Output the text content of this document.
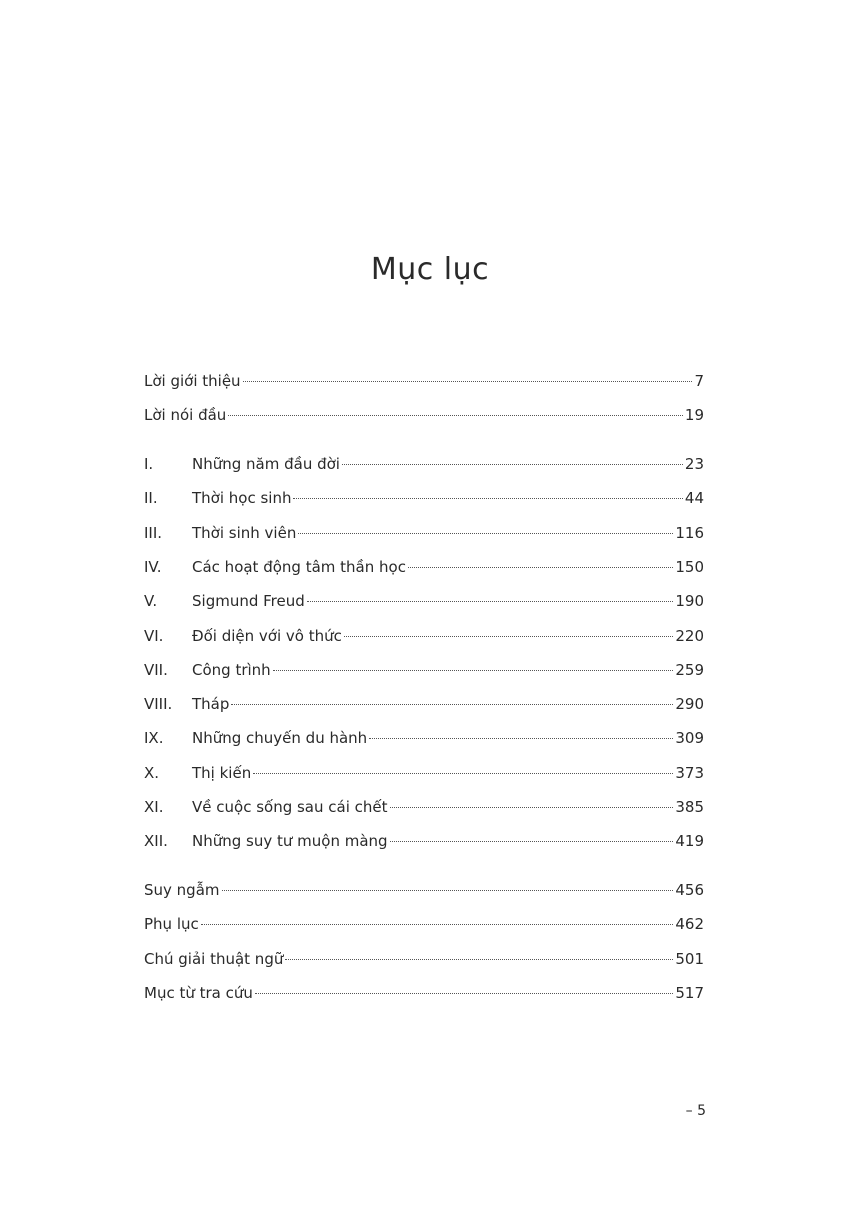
Mục lục
Lời giới thiệu	7
Lời nói đầu	19
I.	Những năm đầu đời	23
II.	Thời học sinh	44
III.	Thời sinh viên	116
IV.	Các hoạt động tâm thần học	150
V.	Sigmund Freud	190
VI.	Đối diện với vô thức	220
VII.	Công trình	259
VIII.	Tháp	290
IX.	Những chuyến du hành	309
X.	Thị kiến	373
XI.	Về cuộc sống sau cái chết	385
XII.	Những suy tư muộn màng	419
Suy ngẫm	456
Phụ lục	462
Chú giải thuật ngữ	501
Mục từ tra cứu	517
– 5
